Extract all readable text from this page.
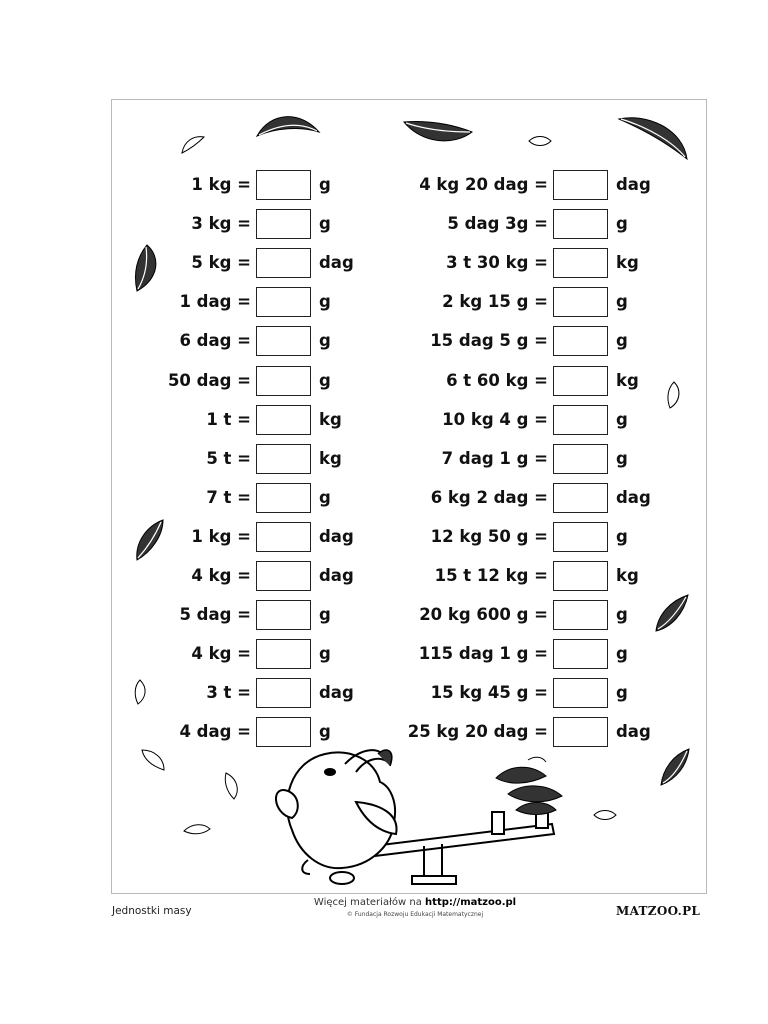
1 kg =	g
3 kg =	g
5 kg =	dag
1 dag =	g
6 dag =	g
50 dag =	g
1 t =	kg
5 t =	kg
7 t =	g
1 kg =	dag
4 kg =	dag
5 dag =	g
4 kg =	g
3 t =	dag
4 dag =	g
4 kg 20 dag =	dag
5 dag 3g =	g
3 t 30 kg =	kg
2 kg 15 g =	g
15 dag 5 g =	g
6 t 60 kg =	kg
10 kg 4 g =	g
7 dag 1 g =	g
6 kg 2 dag =	dag
12 kg 50 g =	g
15 t 12 kg =	kg
20 kg 600 g =	g
115 dag 1 g =	g
15 kg 45 g =	g
25 kg 20 dag =	dag
Jednostki masy
Więcej materiałów na http://matzoo.pl
© Fundacja Rozwoju Edukacji Matematycznej	MATZOO.PL
